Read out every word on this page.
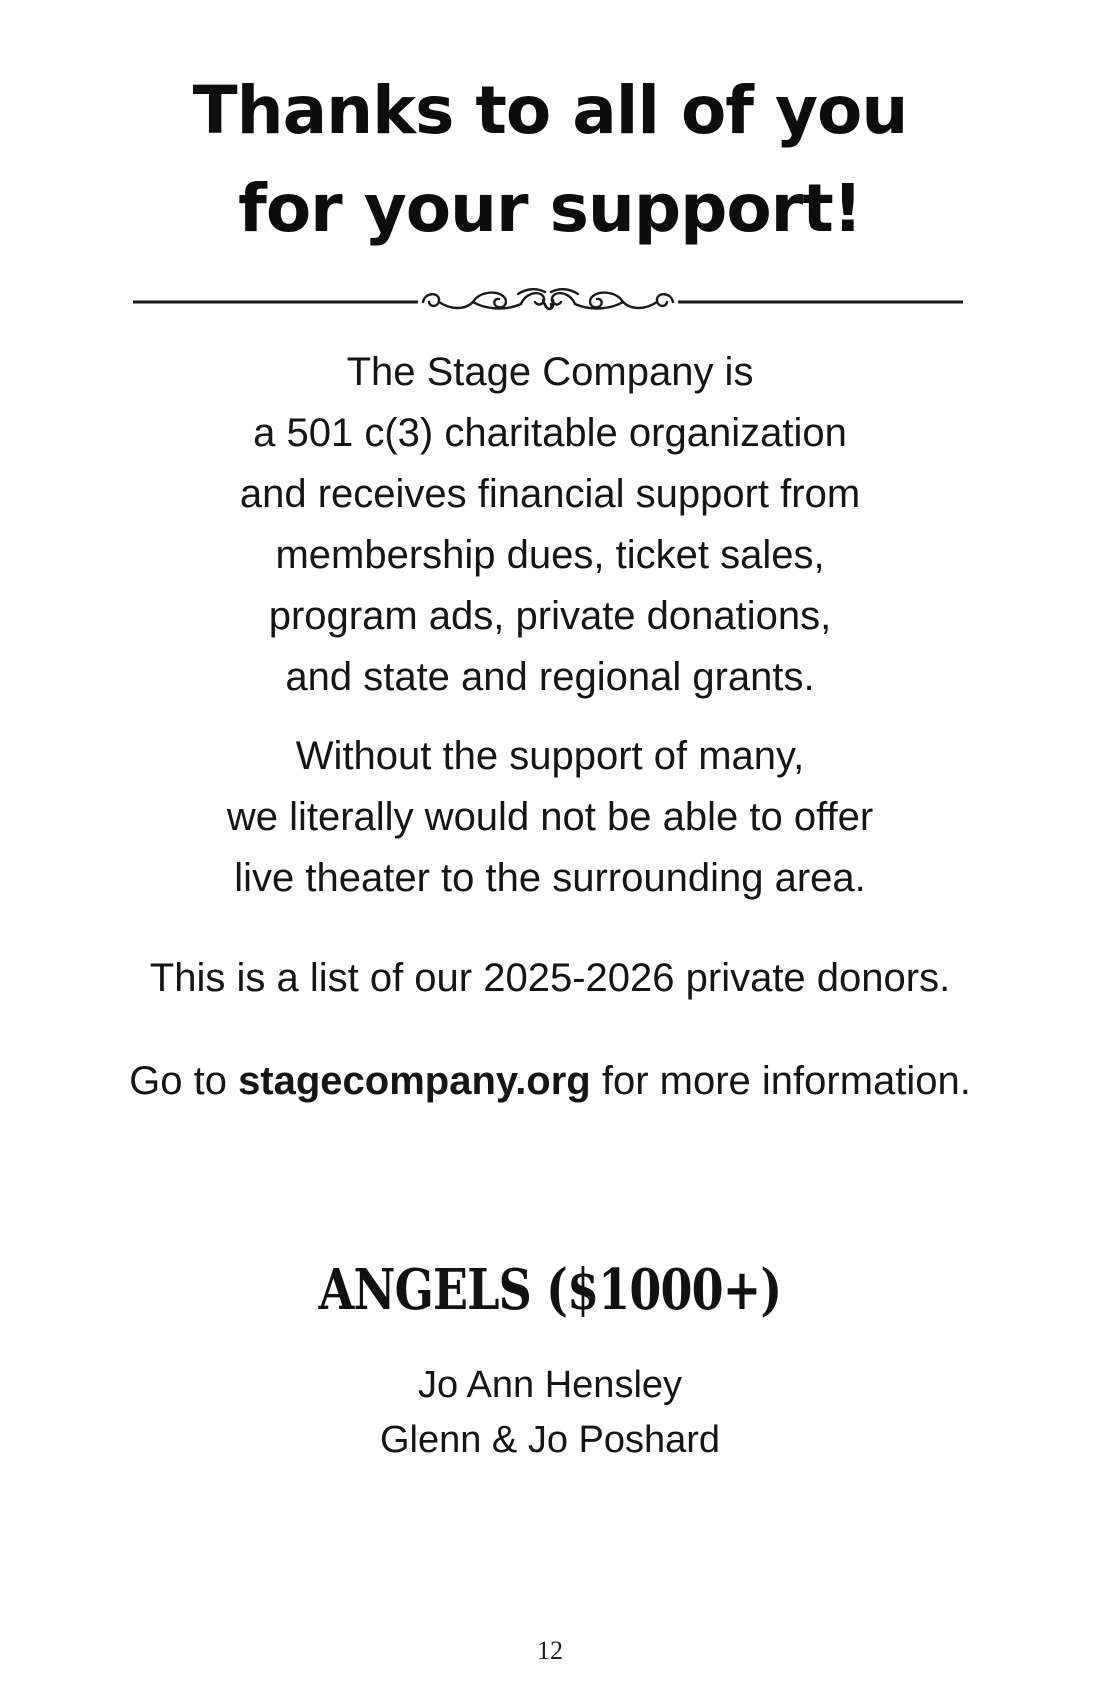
Thanks to all of you
for your support!

The Stage Company is
a 501 c(3) charitable organization
and receives financial support from
membership dues, ticket sales,
program ads, private donations,
and state and regional grants.

Without the support of many,
we literally would not be able to offer
live theater to the surrounding area.

This is a list of our 2025-2026 private donors.

Go to stagecompany.org for more information.

ANGELS ($1000+)
Jo Ann Hensley
Glenn & Jo Poshard
12
